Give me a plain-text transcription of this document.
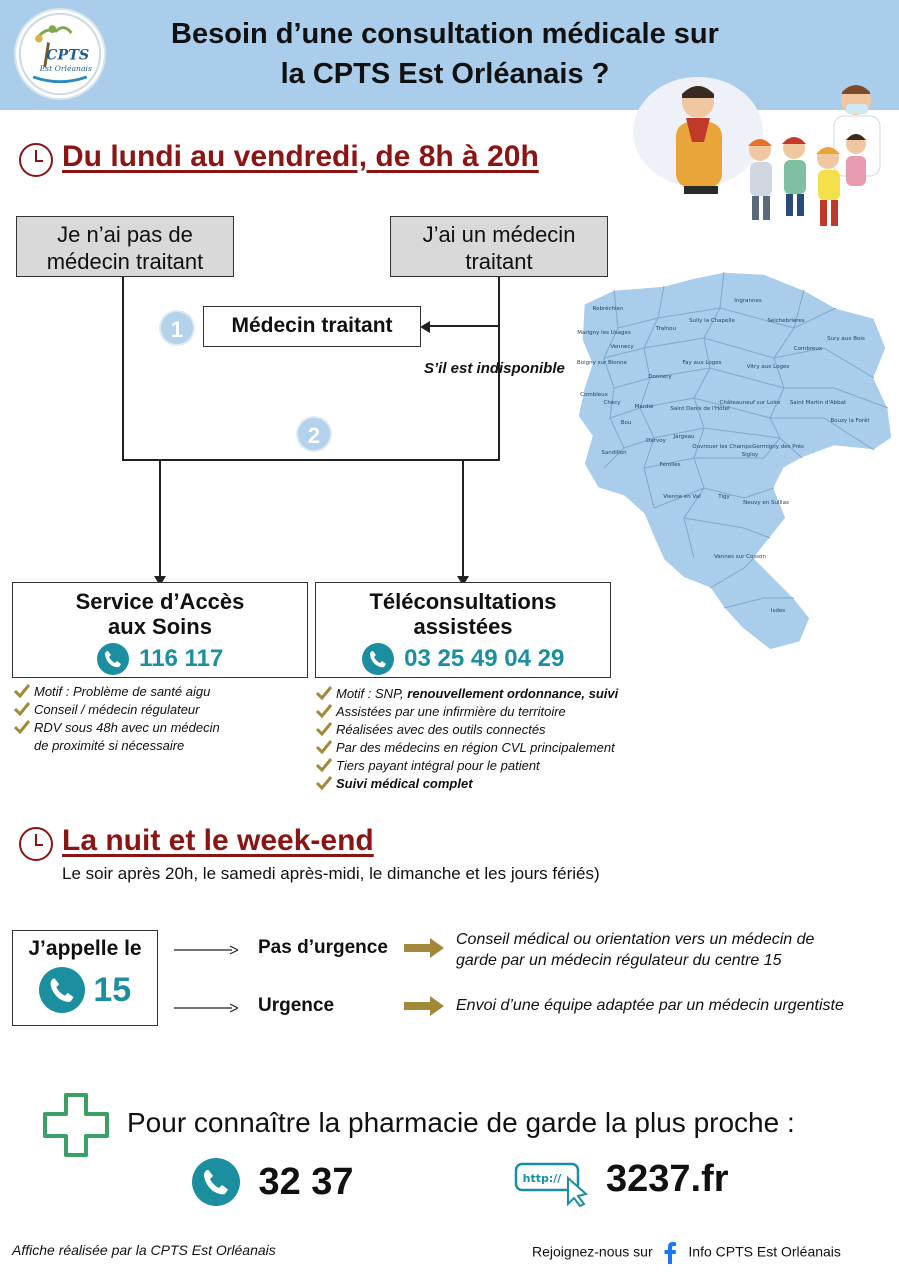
CPTS
Est Orléanais
Besoin d’une consultation médicale sur
la CPTS Est Orléanais ?
Du lundi au vendredi, de 8h à 20h
Je n’ai pas de
médecin traitant
J’ai un médecin
traitant
1
2
Médecin traitant
S’il est indisponible
Rebréchien
Ingrannes
Sully la Chapelle	Seichebrières
Traînou
Marigny les Usages
Vennecy	Combreux
Sury aux Bois
Fay aux Loges
Boigny sur Bionne
Donnery
Vitry aux Loges
Combleux
Chécy
Mardié	Saint Denis de l'Hôtel
Châteauneuf sur Loire Saint Martin d'Abbat
Bouzy la Forêt
Bou
Jargeau
Darvoy
Ouvrouer les Champs Germigny des Prés
Sigloy
Sandillon
Férolles
Vienne en Val	Tigy
Neuvy en Sullias
Vannes sur Cosson
Isdes
Service d’Accès
aux Soins
116 117
Téléconsultations
assistées
03 25 49 04 29
Motif : Problème de santé aigu
Conseil / médecin régulateur
RDV sous 48h avec un médecin
de proximité si nécessaire
Motif : SNP, renouvellement ordonnance, suivi
Assistées par une infirmière du territoire
Réalisées avec des outils connectés
Par des médecins en région CVL principalement
Tiers payant intégral pour le patient
Suivi médical complet
La nuit et le week-end
Le soir après 20h, le samedi après-midi, le dimanche et les jours fériés)
J’appelle le
15
Pas d’urgence	Conseil médical ou orientation vers un médecin de
garde par un médecin régulateur du centre 15
Urgence	Envoi d’une équipe adaptée par un médecin urgentiste
Pour connaître la pharmacie de garde la plus proche :
32 37	http:// 3237.fr
Affiche réalisée par la CPTS Est Orléanais	Rejoignez-nous sur	Info CPTS Est Orléanais
